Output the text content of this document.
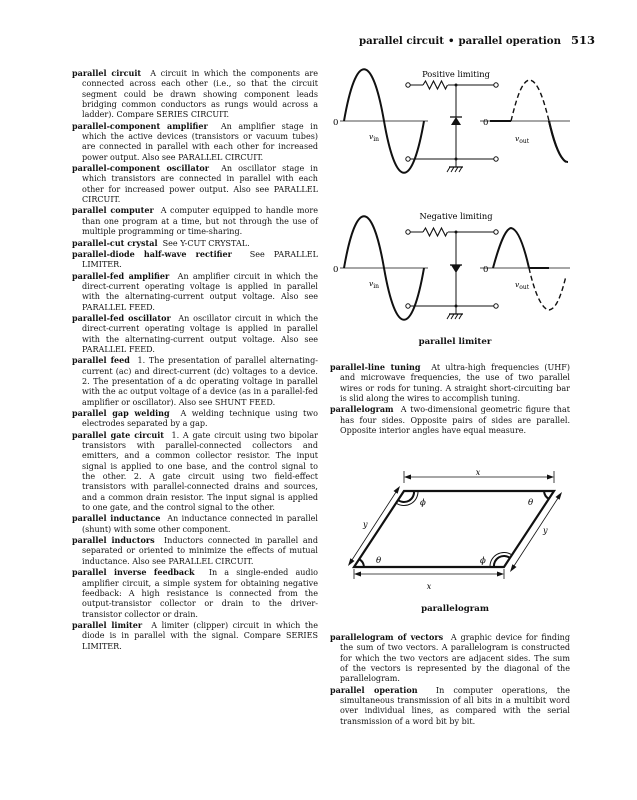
parallel circuit • parallel operation 513

parallel circuit A circuit in which the components are connected across each other (i.e., so that the circuit segment could be drawn showing component leads bridging common conductors as rungs would across a ladder). Compare SERIES CIRCUIT.

parallel-component amplifier An amplifier stage in which the active devices (transistors or vacuum tubes) are connected in parallel with each other for increased power output. Also see PARALLEL CIRCUIT.

parallel-component oscillator An oscillator stage in which transistors are connected in parallel with each other for increased power output. Also see PARALLEL CIRCUIT.

parallel computer A computer equipped to handle more than one program at a time, but not through the use of multiple programming or time-sharing.

parallel-cut crystal See Y-CUT CRYSTAL.

parallel-diode half-wave rectifier See PARALLEL LIMITER.

parallel-fed amplifier An amplifier circuit in which the direct-current operating voltage is applied in parallel with the alternating-current output voltage. Also see PARALLEL FEED.

parallel-fed oscillator An oscillator circuit in which the direct-current operating voltage is applied in parallel with the alternating-current output voltage. Also see PARALLEL FEED.

parallel feed 1. The presentation of parallel alternating-current (ac) and direct-current (dc) voltages to a device. 2. The presentation of a dc operating voltage in parallel with the ac output voltage of a device (as in a parallel-fed amplifier or oscillator). Also see SHUNT FEED.

parallel gap welding A welding technique using two electrodes separated by a gap.

parallel gate circuit 1. A gate circuit using two bipolar transistors with parallel-connected collectors and emitters, and a common collector resistor. The input signal is applied to one base, and the control signal to the other. 2. A gate circuit using two field-effect transistors with parallel-connected drains and sources, and a common drain resistor. The input signal is applied to one gate, and the control signal to the other.

parallel inductance An inductance connected in parallel (shunt) with some other component.

parallel inductors Inductors connected in parallel and separated or oriented to minimize the effects of mutual inductance. Also see PARALLEL CIRCUIT.

parallel inverse feedback In a single-ended audio amplifier circuit, a simple system for obtaining negative feedback: A high resistance is connected from the output-transistor collector or drain to the driver-transistor collector or drain.

parallel limiter A limiter (clipper) circuit in which the diode is in parallel with the signal. Compare SERIES LIMITER.

Positive limiting
0
$v_{in}$
0
$v_{out}$
Negative limiting
0
$v_{in}$
0
$v_{out}$
parallel limiter

parallel-line tuning At ultra-high frequencies (UHF) and microwave frequencies, the use of two parallel wires or rods for tuning. A straight short-circuiting bar is slid along the wires to accomplish tuning.

parallelogram A two-dimensional geometric figure that has four sides. Opposite pairs of sides are parallel. Opposite interior angles have equal measure.

x
ϕ	θ
θ	ϕ
y
y
x
parallelogram

parallelogram of vectors A graphic device for finding the sum of two vectors. A parallelogram is constructed for which the two vectors are adjacent sides. The sum of the vectors is represented by the diagonal of the parallelogram.

parallel operation In computer operations, the simultaneous transmission of all bits in a multibit word over individual lines, as compared with the serial transmission of a word bit by bit.
